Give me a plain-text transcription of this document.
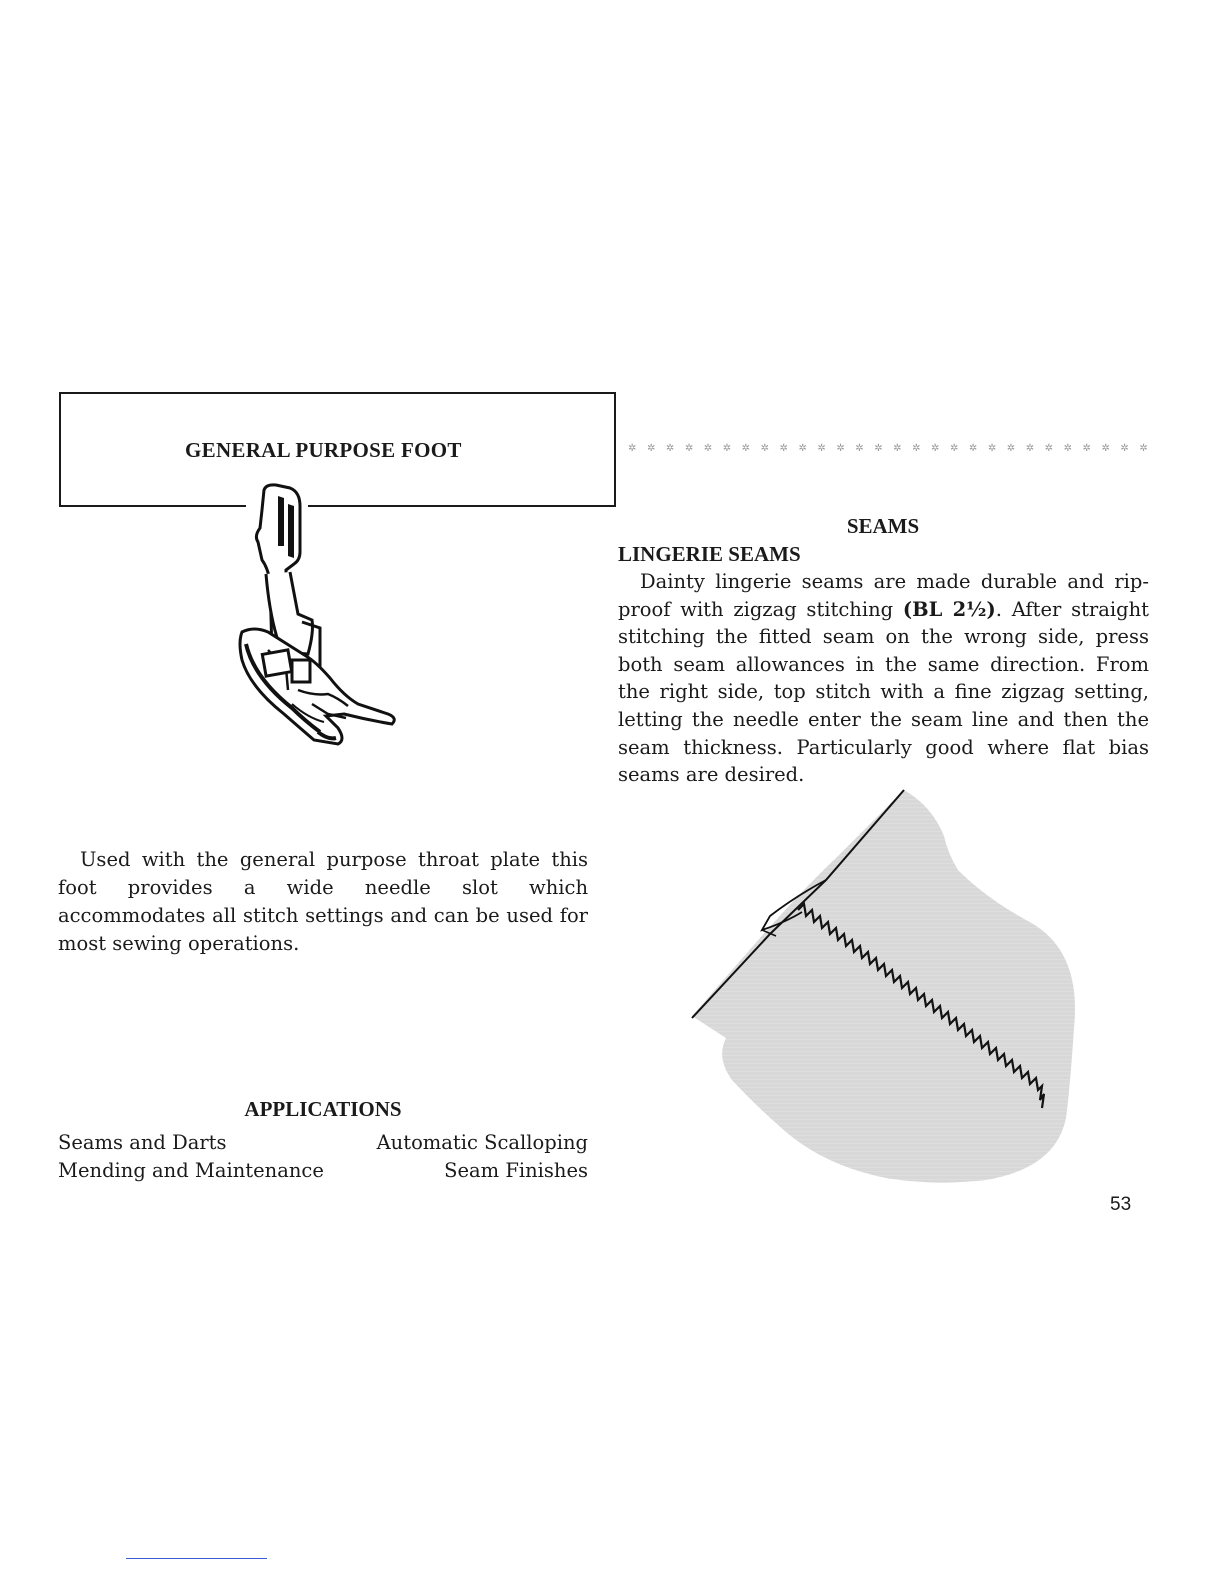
GENERAL PURPOSE FOOT
Used with the general purpose throat plate this foot provides a wide needle slot which accommodates all stitch settings and can be used for most sewing operations.
APPLICATIONS
Seams and Darts	Automatic Scalloping
Mending and Maintenance	Seam Finishes
✲ ✲ ✲ ✲ ✲ ✲ ✲ ✲ ✲ ✲ ✲ ✲ ✲ ✲ ✲ ✲ ✲ ✲ ✲ ✲ ✲ ✲ ✲ ✲ ✲ ✲ ✲ ✲
SEAMS
LINGERIE SEAMS
Dainty lingerie seams are made durable and rip-proof with zigzag stitching (BL 2½). After straight stitching the fitted seam on the wrong side, press both seam allowances in the same direction. From the right side, top stitch with a fine zigzag setting, letting the needle enter the seam line and then the seam thickness. Particularly good where flat bias seams are desired.
53
